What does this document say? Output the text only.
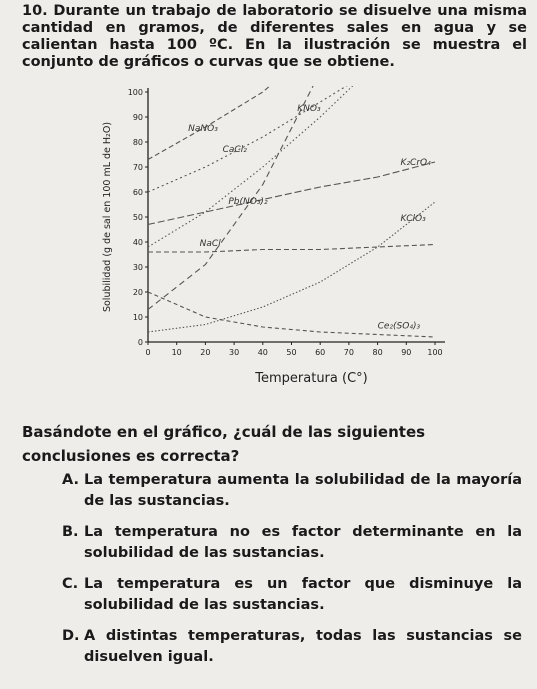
10. Durante un trabajo de laboratorio se disuelve una misma cantidad en gramos, de diferentes sales en agua y se calientan hasta 100 ºC. En la ilustración se muestra el conjunto de gráficos o curvas que se obtiene.
0
10
20
30
40
50
60
70
80
90
100
0	10 20 30 40 50 60 70 80 90 100
Temperatura (C°)
Solubilidad (g de sal en 100 mL de H₂O)	NaNO₃
CaCl₂
Pb(NO₃)₂
KNO₃
K₂CrO₄
NaCl
KClO₃
Ce₂(SO₄)₃
Basándote en el gráfico, ¿cuál de las siguientes conclusiones es correcta?
A. La temperatura aumenta la solubilidad de la mayoría de las sustancias.
B. La temperatura no es factor determinante en la solubilidad de las sustancias.
C. La temperatura es un factor que disminuye la solubilidad de las sustancias.
D. A distintas temperaturas, todas las sustancias se disuelven igual.
